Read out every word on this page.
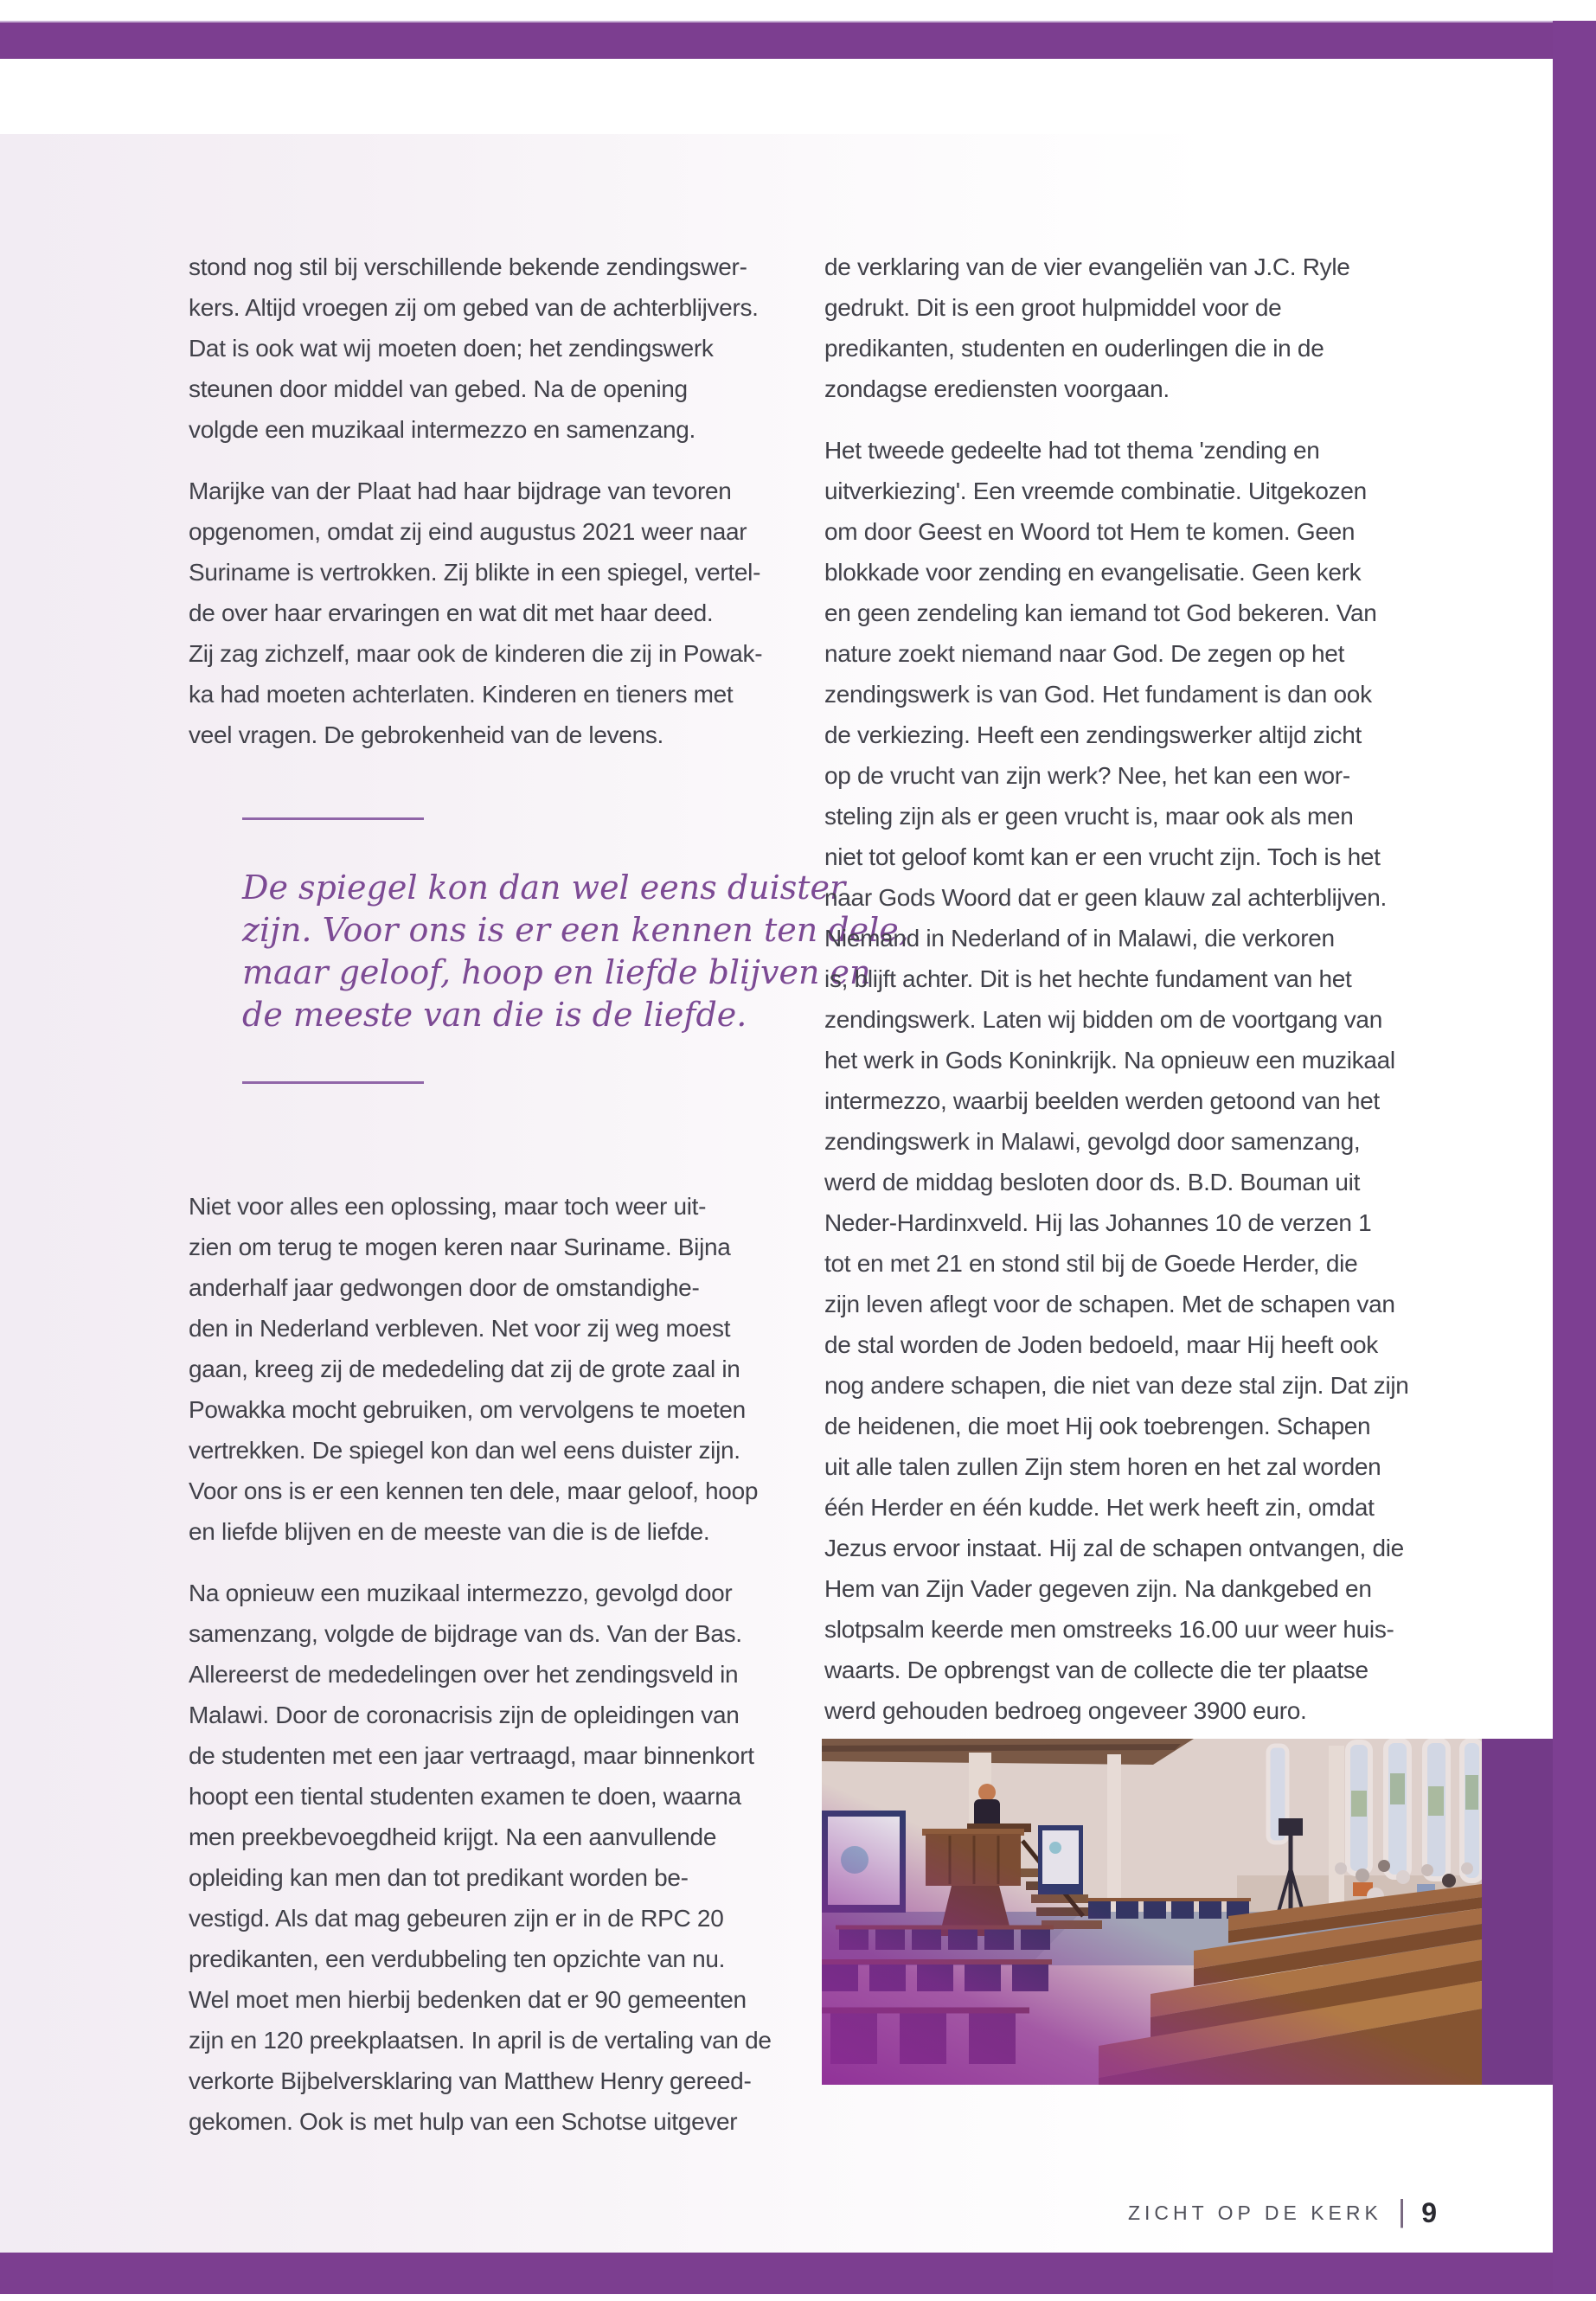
stond nog stil bij verschillende bekende zendingswer-
kers. Altijd vroegen zij om gebed van de achterblijvers.
Dat is ook wat wij moeten doen; het zendingswerk
steunen door middel van gebed. Na de opening
volgde een muzikaal intermezzo en samenzang.
Marijke van der Plaat had haar bijdrage van tevoren
opgenomen, omdat zij eind augustus 2021 weer naar
Suriname is vertrokken. Zij blikte in een spiegel, vertel-
de over haar ervaringen en wat dit met haar deed.
Zij zag zichzelf, maar ook de kinderen die zij in Powak-
ka had moeten achterlaten. Kinderen en tieners met
veel vragen. De gebrokenheid van de levens.
De spiegel kon dan wel eens duister
zijn. Voor ons is er een kennen ten dele,
maar geloof, hoop en liefde blijven en
de meeste van die is de liefde.
Niet voor alles een oplossing, maar toch weer uit-
zien om terug te mogen keren naar Suriname. Bijna
anderhalf jaar gedwongen door de omstandighe-
den in Nederland verbleven. Net voor zij weg moest
gaan, kreeg zij de mededeling dat zij de grote zaal in
Powakka mocht gebruiken, om vervolgens te moeten
vertrekken. De spiegel kon dan wel eens duister zijn.
Voor ons is er een kennen ten dele, maar geloof, hoop
en liefde blijven en de meeste van die is de liefde.
Na opnieuw een muzikaal intermezzo, gevolgd door
samenzang, volgde de bijdrage van ds. Van der Bas.
Allereerst de mededelingen over het zendingsveld in
Malawi. Door de coronacrisis zijn de opleidingen van
de studenten met een jaar vertraagd, maar binnenkort
hoopt een tiental studenten examen te doen, waarna
men preekbevoegdheid krijgt. Na een aanvullende
opleiding kan men dan tot predikant worden be-
vestigd. Als dat mag gebeuren zijn er in de RPC 20
predikanten, een verdubbeling ten opzichte van nu.
Wel moet men hierbij bedenken dat er 90 gemeenten
zijn en 120 preekplaatsen. In april is de vertaling van de
verkorte Bijbelversklaring van Matthew Henry gereed-
gekomen. Ook is met hulp van een Schotse uitgever
de verklaring van de vier evangeliën van J.C. Ryle
gedrukt. Dit is een groot hulpmiddel voor de
predikanten, studenten en ouderlingen die in de
zondagse erediensten voorgaan.
Het tweede gedeelte had tot thema 'zending en
uitverkiezing'. Een vreemde combinatie. Uitgekozen
om door Geest en Woord tot Hem te komen. Geen
blokkade voor zending en evangelisatie. Geen kerk
en geen zendeling kan iemand tot God bekeren. Van
nature zoekt niemand naar God. De zegen op het
zendingswerk is van God. Het fundament is dan ook
de verkiezing. Heeft een zendingswerker altijd zicht
op de vrucht van zijn werk? Nee, het kan een wor-
steling zijn als er geen vrucht is, maar ook als men
niet tot geloof komt kan er een vrucht zijn. Toch is het
naar Gods Woord dat er geen klauw zal achterblijven.
Niemand in Nederland of in Malawi, die verkoren
is, blijft achter. Dit is het hechte fundament van het
zendingswerk. Laten wij bidden om de voortgang van
het werk in Gods Koninkrijk. Na opnieuw een muzikaal
intermezzo, waarbij beelden werden getoond van het
zendingswerk in Malawi, gevolgd door samenzang,
werd de middag besloten door ds. B.D. Bouman uit
Neder-Hardinxveld. Hij las Johannes 10 de verzen 1
tot en met 21 en stond stil bij de Goede Herder, die
zijn leven aflegt voor de schapen. Met de schapen van
de stal worden de Joden bedoeld, maar Hij heeft ook
nog andere schapen, die niet van deze stal zijn. Dat zijn
de heidenen, die moet Hij ook toebrengen. Schapen
uit alle talen zullen Zijn stem horen en het zal worden
één Herder en één kudde. Het werk heeft zin, omdat
Jezus ervoor instaat. Hij zal de schapen ontvangen, die
Hem van Zijn Vader gegeven zijn. Na dankgebed en
slotpsalm keerde men omstreeks 16.00 uur weer huis-
waarts. De opbrengst van de collecte die ter plaatse
werd gehouden bedroeg ongeveer 3900 euro.
ZICHT OP DE KERK | 9
